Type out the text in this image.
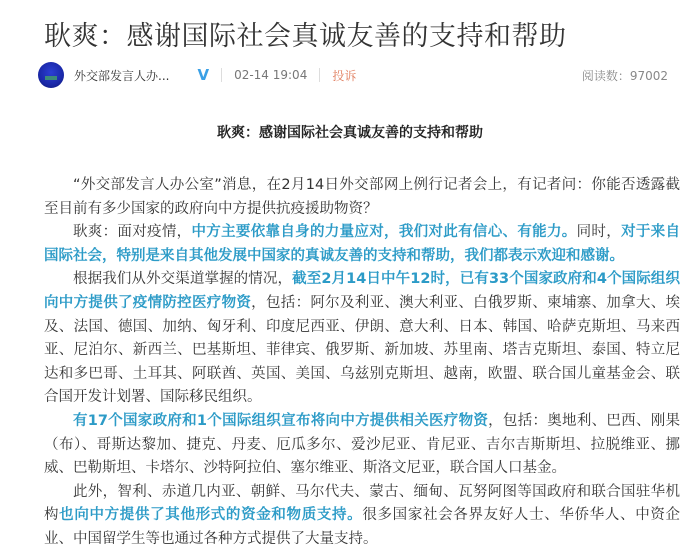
耿爽：感谢国际社会真诚友善的支持和帮助
外交部发言人办... V 02-14 19:04 投诉	阅读数：97002
耿爽：感谢国际社会真诚友善的支持和帮助

“外交部发言人办公室”消息，在2月14日外交部网上例行记者会上，有记者问：你能否透露截至目前有多少国家的政府向中方提供抗疫援助物资？

耿爽：面对疫情，中方主要依靠自身的力量应对，我们对此有信心、有能力。同时，对于来自国际社会，特别是来自其他发展中国家的真诚友善的支持和帮助，我们都表示欢迎和感谢。

根据我们从外交渠道掌握的情况，截至2月14日中午12时，已有33个国家政府和4个国际组织向中方提供了疫情防控医疗物资，包括：阿尔及利亚、澳大利亚、白俄罗斯、柬埔寨、加拿大、埃及、法国、德国、加纳、匈牙利、印度尼西亚、伊朗、意大利、日本、韩国、哈萨克斯坦、马来西亚、尼泊尔、新西兰、巴基斯坦、菲律宾、俄罗斯、新加坡、苏里南、塔吉克斯坦、泰国、特立尼达和多巴哥、土耳其、阿联酋、英国、美国、乌兹别克斯坦、越南，欧盟、联合国儿童基金会、联合国开发计划署、国际移民组织。

有17个国家政府和1个国际组织宣布将向中方提供相关医疗物资，包括：奥地利、巴西、刚果（布）、哥斯达黎加、捷克、丹麦、厄瓜多尔、爱沙尼亚、肯尼亚、吉尔吉斯斯坦、拉脱维亚、挪威、巴勒斯坦、卡塔尔、沙特阿拉伯、塞尔维亚、斯洛文尼亚，联合国人口基金。

此外，智利、赤道几内亚、朝鲜、马尔代夫、蒙古、缅甸、瓦努阿图等国政府和联合国驻华机构也向中方提供了其他形式的资金和物质支持。很多国家社会各界友好人士、华侨华人、中资企业、中国留学生等也通过各种方式提供了大量支持。
